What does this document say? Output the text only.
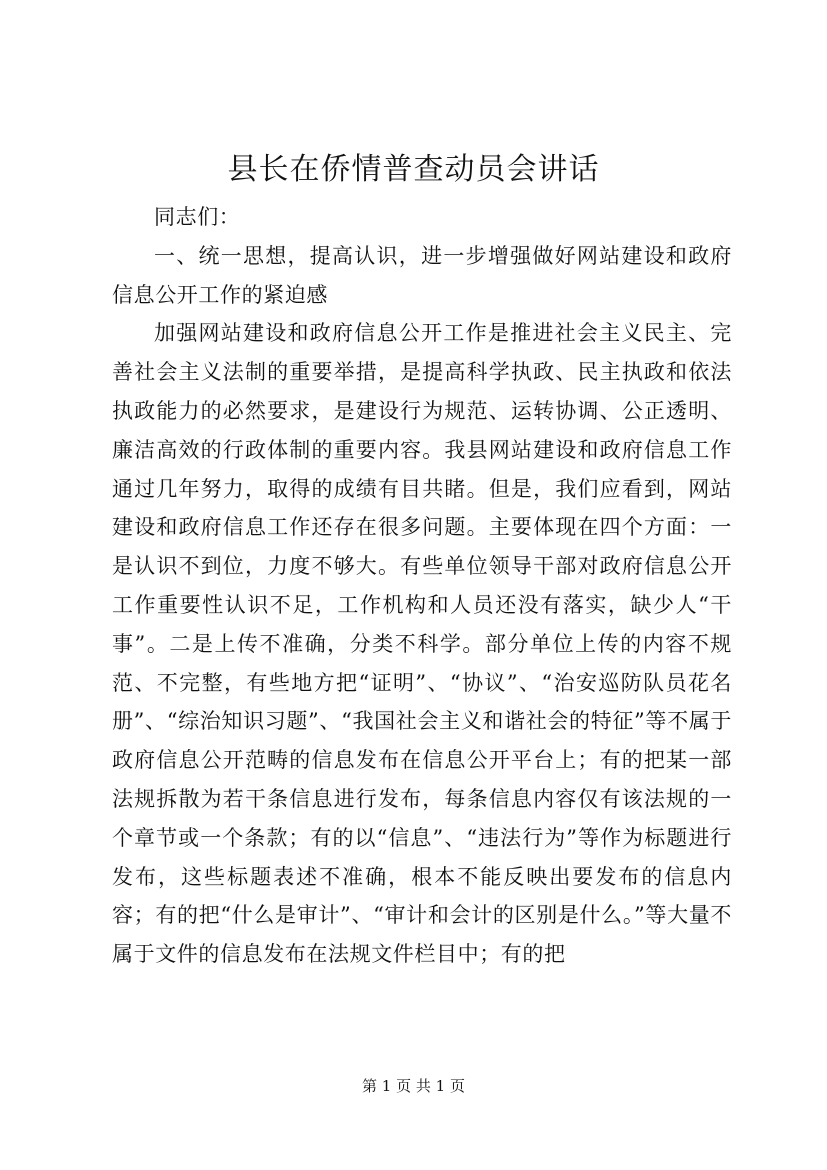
县长在侨情普查动员会讲话

同志们：

一、统一思想，提高认识，进一步增强做好网站建设和政府信息公开工作的紧迫感

加强网站建设和政府信息公开工作是推进社会主义民主、完善社会主义法制的重要举措，是提高科学执政、民主执政和依法执政能力的必然要求，是建设行为规范、运转协调、公正透明、廉洁高效的行政体制的重要内容。我县网站建设和政府信息工作通过几年努力，取得的成绩有目共睹。但是，我们应看到，网站建设和政府信息工作还存在很多问题。主要体现在四个方面：一是认识不到位，力度不够大。有些单位领导干部对政府信息公开工作重要性认识不足，工作机构和人员还没有落实，缺少人“干事”。二是上传不准确，分类不科学。部分单位上传的内容不规范、不完整，有些地方把“证明”、“协议”、“治安巡防队员花名册”、“综治知识习题”、“我国社会主义和谐社会的特征”等不属于政府信息公开范畴的信息发布在信息公开平台上；有的把某一部法规拆散为若干条信息进行发布，每条信息内容仅有该法规的一个章节或一个条款；有的以“信息”、“违法行为”等作为标题进行发布，这些标题表述不准确，根本不能反映出要发布的信息内容；有的把“什么是审计”、“审计和会计的区别是什么。”等大量不属于文件的信息发布在法规文件栏目中；有的把

第 1 页 共 1 页
